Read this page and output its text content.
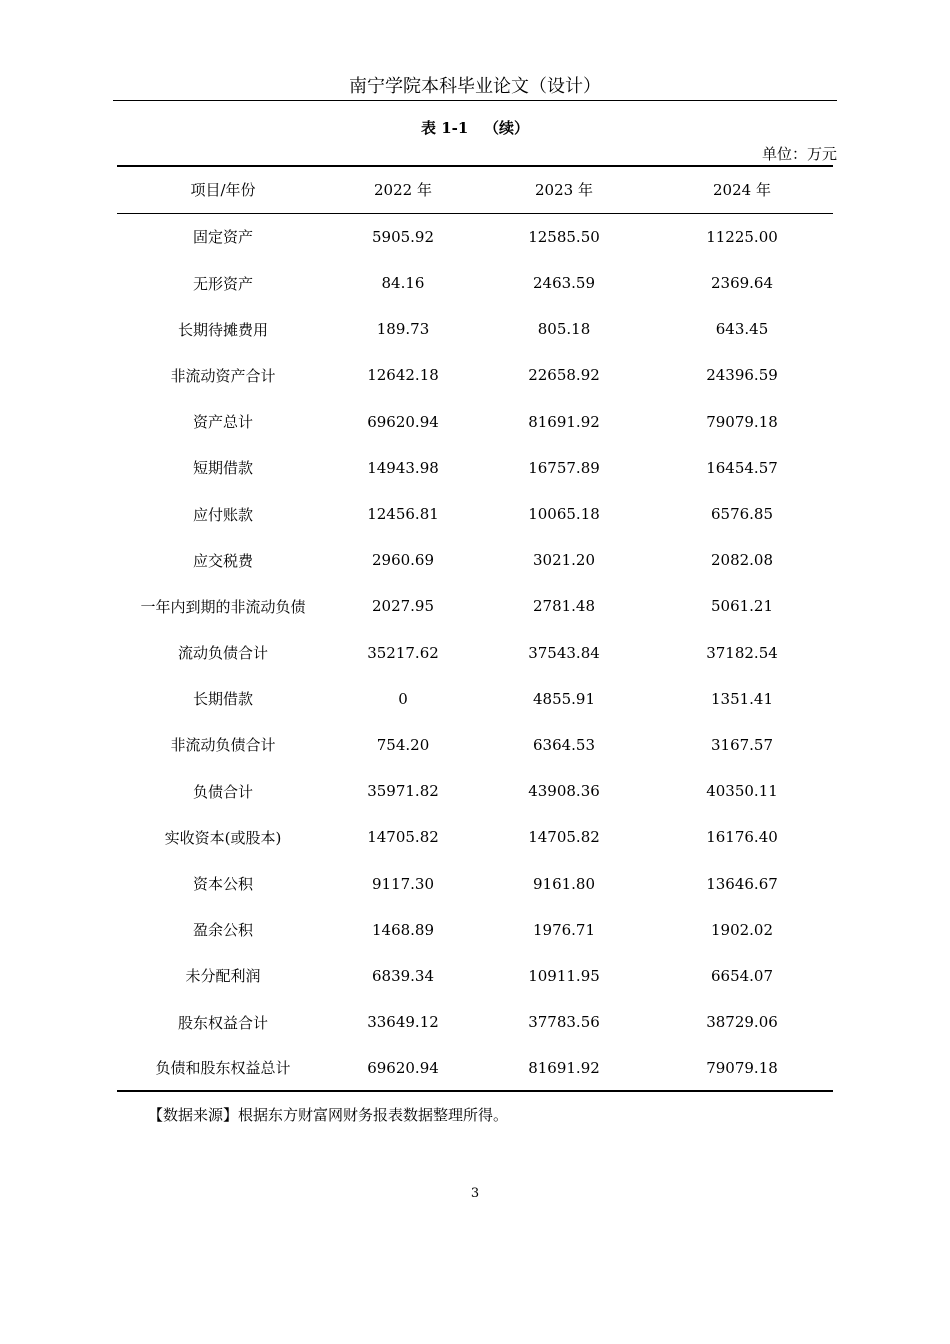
南宁学院本科毕业论文（设计）
表 1-1   （续）
单位：万元
项目/年份	2022 年	2023 年	2024 年
固定资产	5905.92	12585.50	11225.00
无形资产	84.16	2463.59	2369.64
长期待摊费用	189.73	805.18	643.45
非流动资产合计	12642.18	22658.92	24396.59
资产总计	69620.94	81691.92	79079.18
短期借款	14943.98	16757.89	16454.57
应付账款	12456.81	10065.18	6576.85
应交税费	2960.69	3021.20	2082.08
一年内到期的非流动负债	2027.95	2781.48	5061.21
流动负债合计	35217.62	37543.84	37182.54
长期借款	0	4855.91	1351.41
非流动负债合计	754.20	6364.53	3167.57
负债合计	35971.82	43908.36	40350.11
实收资本(或股本)	14705.82	14705.82	16176.40
资本公积	9117.30	9161.80	13646.67
盈余公积	1468.89	1976.71	1902.02
未分配利润	6839.34	10911.95	6654.07
股东权益合计	33649.12	37783.56	38729.06
负债和股东权益总计	69620.94	81691.92	79079.18
【数据来源】根据东方财富网财务报表数据整理所得。
3
